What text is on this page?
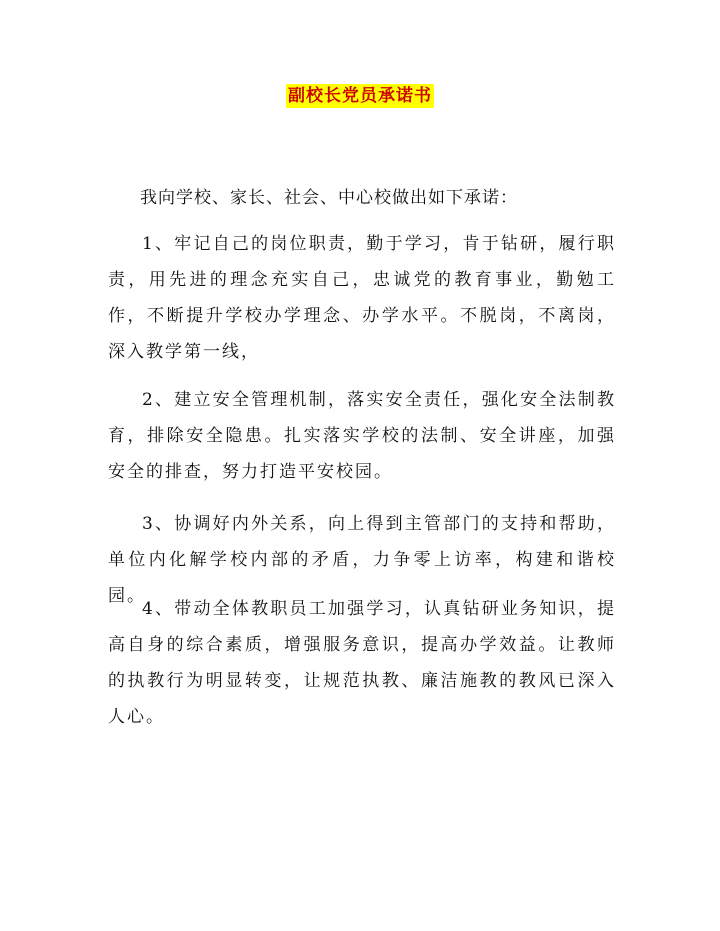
副校长党员承诺书
我向学校、家长、社会、中心校做出如下承诺：

1、牢记自己的岗位职责，勤于学习，肯于钻研，履行职责，用先进的理念充实自己，忠诚党的教育事业，勤勉工作，不断提升学校办学理念、办学水平。不脱岗，不离岗，深入教学第一线，

2、建立安全管理机制，落实安全责任，强化安全法制教育，排除安全隐患。扎实落实学校的法制、安全讲座，加强安全的排查，努力打造平安校园。

3、协调好内外关系，向上得到主管部门的支持和帮助，单位内化解学校内部的矛盾，力争零上访率，构建和谐校园。

4、带动全体教职员工加强学习，认真钻研业务知识，提高自身的综合素质，增强服务意识，提高办学效益。让教师的执教行为明显转变，让规范执教、廉洁施教的教风已深入人心。
